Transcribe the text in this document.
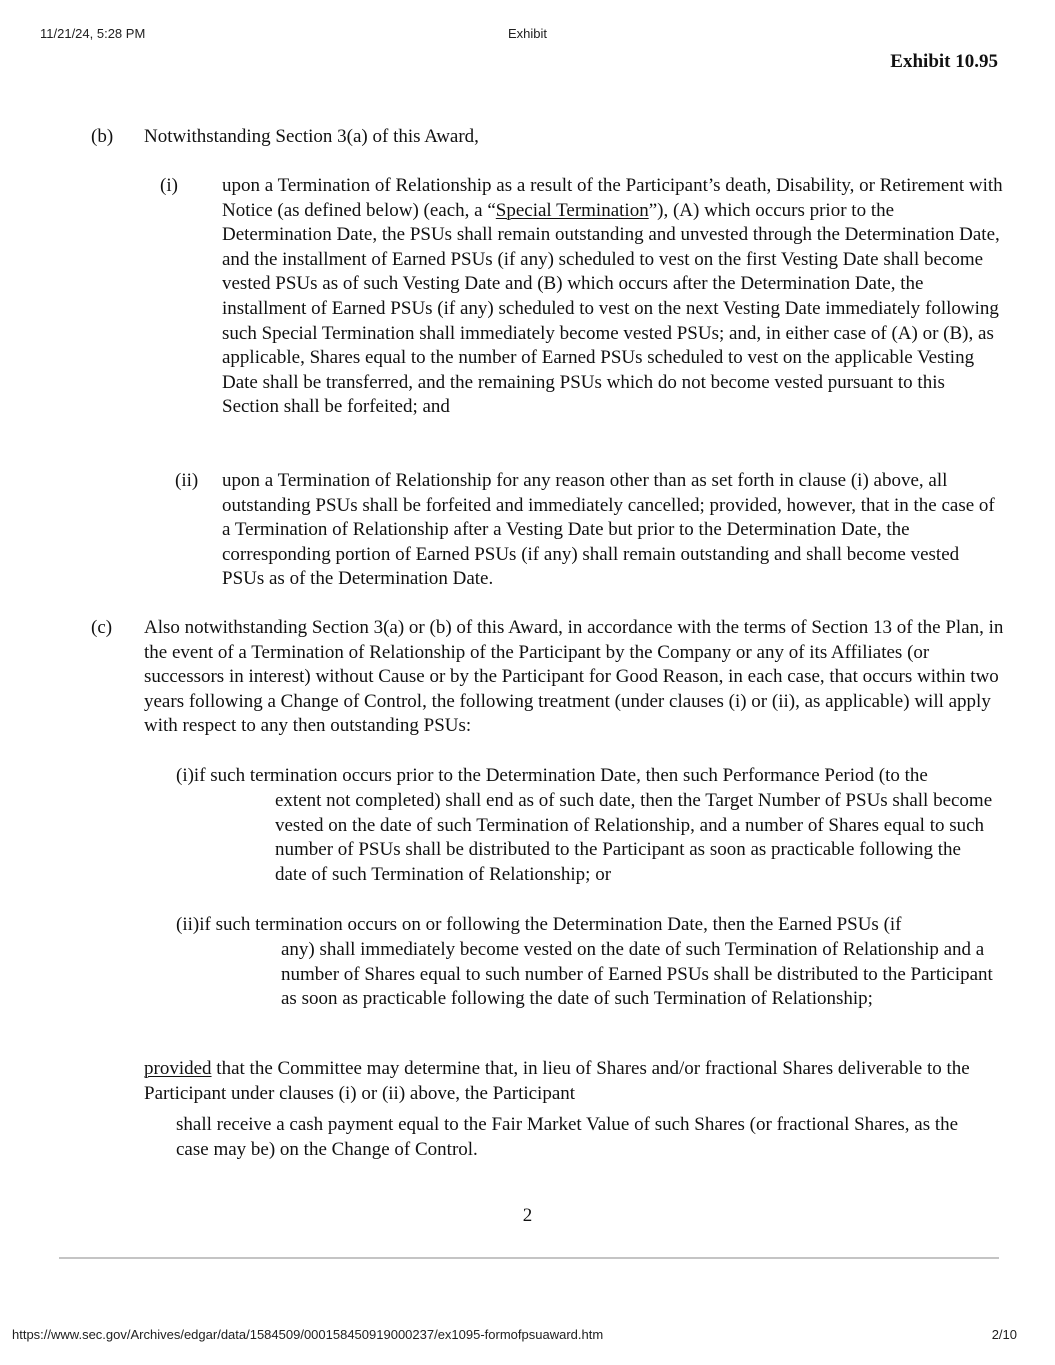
11/21/24, 5:28 PM	Exhibit
Exhibit 10.95
(b) Notwithstanding Section 3(a) of this Award,
(i) upon a Termination of Relationship as a result of the Participant’s death, Disability, or Retirement with Notice (as defined below) (each, a “Special Termination”), (A) which occurs prior to the Determination Date, the PSUs shall remain outstanding and unvested through the Determination Date, and the installment of Earned PSUs (if any) scheduled to vest on the first Vesting Date shall become vested PSUs as of such Vesting Date and (B) which occurs after the Determination Date, the installment of Earned PSUs (if any) scheduled to vest on the next Vesting Date immediately following such Special Termination shall immediately become vested PSUs; and, in either case of (A) or (B), as applicable, Shares equal to the number of Earned PSUs scheduled to vest on the applicable Vesting Date shall be transferred, and the remaining PSUs which do not become vested pursuant to this Section shall be forfeited; and
(ii) upon a Termination of Relationship for any reason other than as set forth in clause (i) above, all outstanding PSUs shall be forfeited and immediately cancelled; provided, however, that in the case of a Termination of Relationship after a Vesting Date but prior to the Determination Date, the corresponding portion of Earned PSUs (if any) shall remain outstanding and shall become vested PSUs as of the Determination Date.
(c) Also notwithstanding Section 3(a) or (b) of this Award, in accordance with the terms of Section 13 of the Plan, in the event of a Termination of Relationship of the Participant by the Company or any of its Affiliates (or successors in interest) without Cause or by the Participant for Good Reason, in each case, that occurs within two years following a Change of Control, the following treatment (under clauses (i) or (ii), as applicable) will apply with respect to any then outstanding PSUs:
(i)if such termination occurs prior to the Determination Date, then such Performance Period (to the
extent not completed) shall end as of such date, then the Target Number of PSUs shall become vested on the date of such Termination of Relationship, and a number of Shares equal to such number of PSUs shall be distributed to the Participant as soon as practicable following the date of such Termination of Relationship; or
(ii)if such termination occurs on or following the Determination Date, then the Earned PSUs (if
any) shall immediately become vested on the date of such Termination of Relationship and a number of Shares equal to such number of Earned PSUs shall be distributed to the Participant as soon as practicable following the date of such Termination of Relationship;
provided that the Committee may determine that, in lieu of Shares and/or fractional Shares deliverable to the Participant under clauses (i) or (ii) above, the Participant
shall receive a cash payment equal to the Fair Market Value of such Shares (or fractional Shares, as the case may be) on the Change of Control.
2
https://www.sec.gov/Archives/edgar/data/1584509/000158450919000237/ex1095-formofpsuaward.htm	2/10
